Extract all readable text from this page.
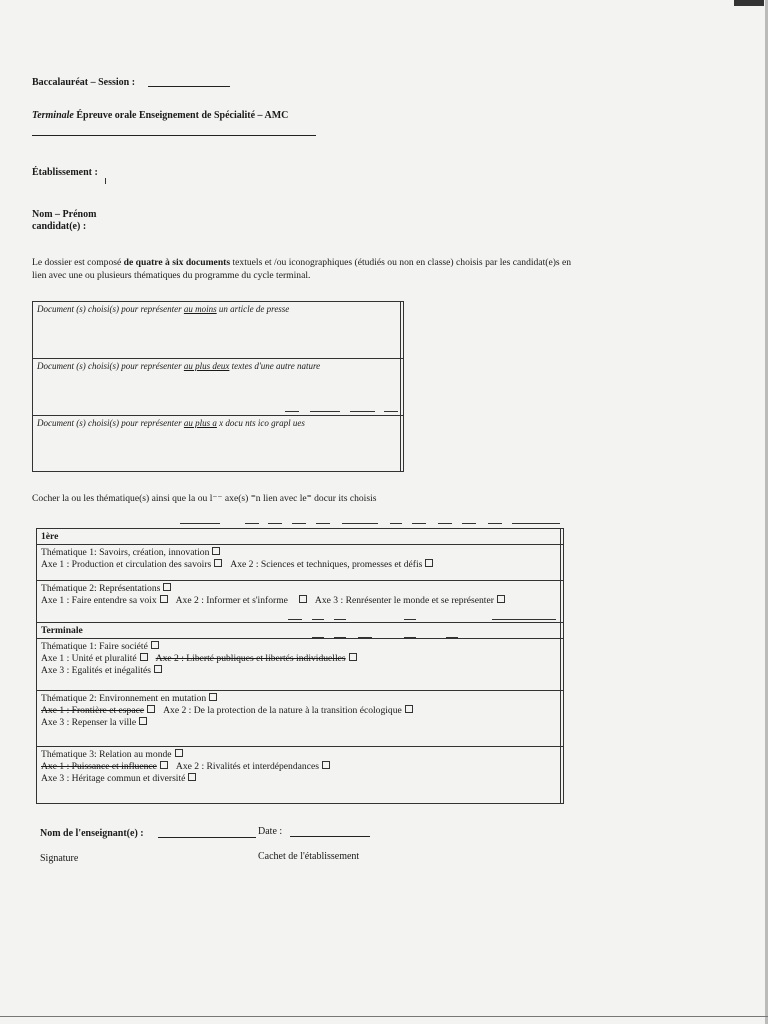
Baccalauréat – Session :
Terminale Épreuve orale Enseignement de Spécialité – AMC
Établissement :
Nom – Prénom
candidat(e) :
Le dossier est composé de quatre à six documents textuels et /ou iconographiques (étudiés ou non en classe) choisis par les candidat(e)s en lien avec une ou plusieurs thématiques du programme du cycle terminal.
Document (s) choisi(s) pour représenter au moins un article de presse
Document (s) choisi(s) pour représenter au plus deux textes d'une autre nature
Document (s) choisi(s) pour représenter au plus a x docu nts ico grapl ues
Cocher la ou les thématique(s) ainsi que la ou l⁻⁻ axe(s) ⁼n lien avec le⁼ docur its choisis
1ère
Thématique 1: Savoirs, création, innovation
Axe 1 : Production et circulation des savoirs Axe 2 : Sciences et techniques, promesses et défis
Thématique 2: Représentations
Axe 1 : Faire entendre sa voix Axe 2 : Informer et s'informe	Axe 3 : Renrésenter le monde et se représenter
Terminale
Thématique 1: Faire société
Axe 1 : Unité et pluralité Axe 2 : Liberté publiques et libertés individuelles
Axe 3 : Egalités et inégalités
Thématique 2: Environnement en mutation
Axe 1 : Frontière et espace Axe 2 : De la protection de la nature à la transition écologique
Axe 3 : Repenser la ville
Thématique 3: Relation au monde
Axe 1 : Puissance et influence Axe 2 : Rivalités et interdépendances
Axe 3 : Héritage commun et diversité
Nom de l'enseignant(e) :	Date :
Signature	Cachet de l'établissement
